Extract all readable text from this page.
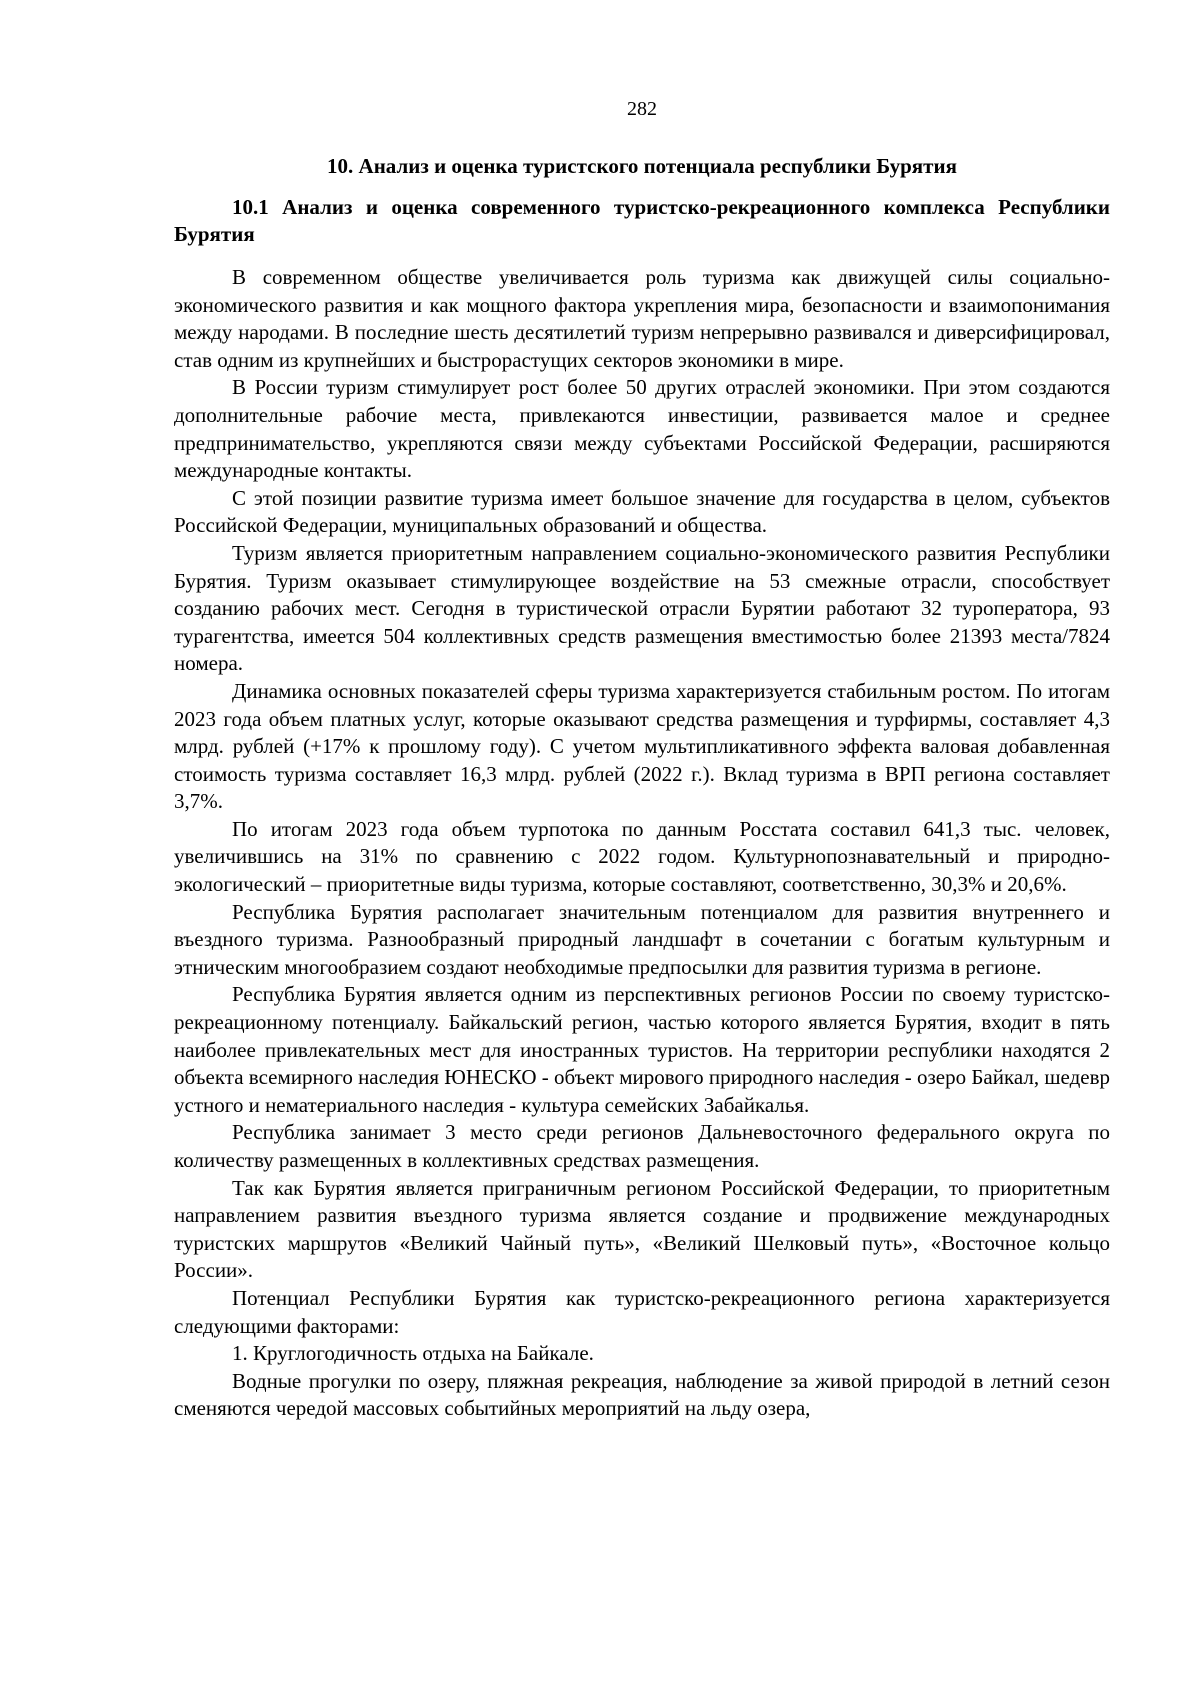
282
10. Анализ и оценка туристского потенциала республики Бурятия
10.1 Анализ и оценка современного туристско-рекреационного комплекса Республики Бурятия

В современном обществе увеличивается роль туризма как движущей силы социально-экономического развития и как мощного фактора укрепления мира, безопасности и взаимопонимания между народами. В последние шесть десятилетий туризм непрерывно развивался и диверсифицировал, став одним из крупнейших и быстрорастущих секторов экономики в мире.

В России туризм стимулирует рост более 50 других отраслей экономики. При этом создаются дополнительные рабочие места, привлекаются инвестиции, развивается малое и среднее предпринимательство, укрепляются связи между субъектами Российской Федерации, расширяются международные контакты.

С этой позиции развитие туризма имеет большое значение для государства в целом, субъектов Российской Федерации, муниципальных образований и общества.

Туризм является приоритетным направлением социально-экономического развития Республики Бурятия. Туризм оказывает стимулирующее воздействие на 53 смежные отрасли, способствует созданию рабочих мест. Сегодня в туристической отрасли Бурятии работают 32 туроператора, 93 турагентства, имеется 504 коллективных средств размещения вместимостью более 21393 места/7824 номера.

Динамика основных показателей сферы туризма характеризуется стабильным ростом. По итогам 2023 года объем платных услуг, которые оказывают средства размещения и турфирмы, составляет 4,3 млрд. рублей (+17% к прошлому году). С учетом мультипликативного эффекта валовая добавленная стоимость туризма составляет 16,3 млрд. рублей (2022 г.). Вклад туризма в ВРП региона составляет 3,7%.

По итогам 2023 года объем турпотока по данным Росстата составил 641,3 тыс. человек, увеличившись на 31% по сравнению с 2022 годом. Культурнопознавательный и природно-экологический – приоритетные виды туризма, которые составляют, соответственно, 30,3% и 20,6%.

Республика Бурятия располагает значительным потенциалом для развития внутреннего и въездного туризма. Разнообразный природный ландшафт в сочетании с богатым культурным и этническим многообразием создают необходимые предпосылки для развития туризма в регионе.

Республика Бурятия является одним из перспективных регионов России по своему туристско-рекреационному потенциалу. Байкальский регион, частью которого является Бурятия, входит в пять наиболее привлекательных мест для иностранных туристов. На территории республики находятся 2 объекта всемирного наследия ЮНЕСКО - объект мирового природного наследия - озеро Байкал, шедевр устного и нематериального наследия - культура семейских Забайкалья.

Республика занимает 3 место среди регионов Дальневосточного федерального округа по количеству размещенных в коллективных средствах размещения.

Так как Бурятия является приграничным регионом Российской Федерации, то приоритетным направлением развития въездного туризма является создание и продвижение международных туристских маршрутов «Великий Чайный путь», «Великий Шелковый путь», «Восточное кольцо России».

Потенциал Республики Бурятия как туристско-рекреационного региона характеризуется следующими факторами:

1. Круглогодичность отдыха на Байкале.

Водные прогулки по озеру, пляжная рекреация, наблюдение за живой природой в летний сезон сменяются чередой массовых событийных мероприятий на льду озера,
